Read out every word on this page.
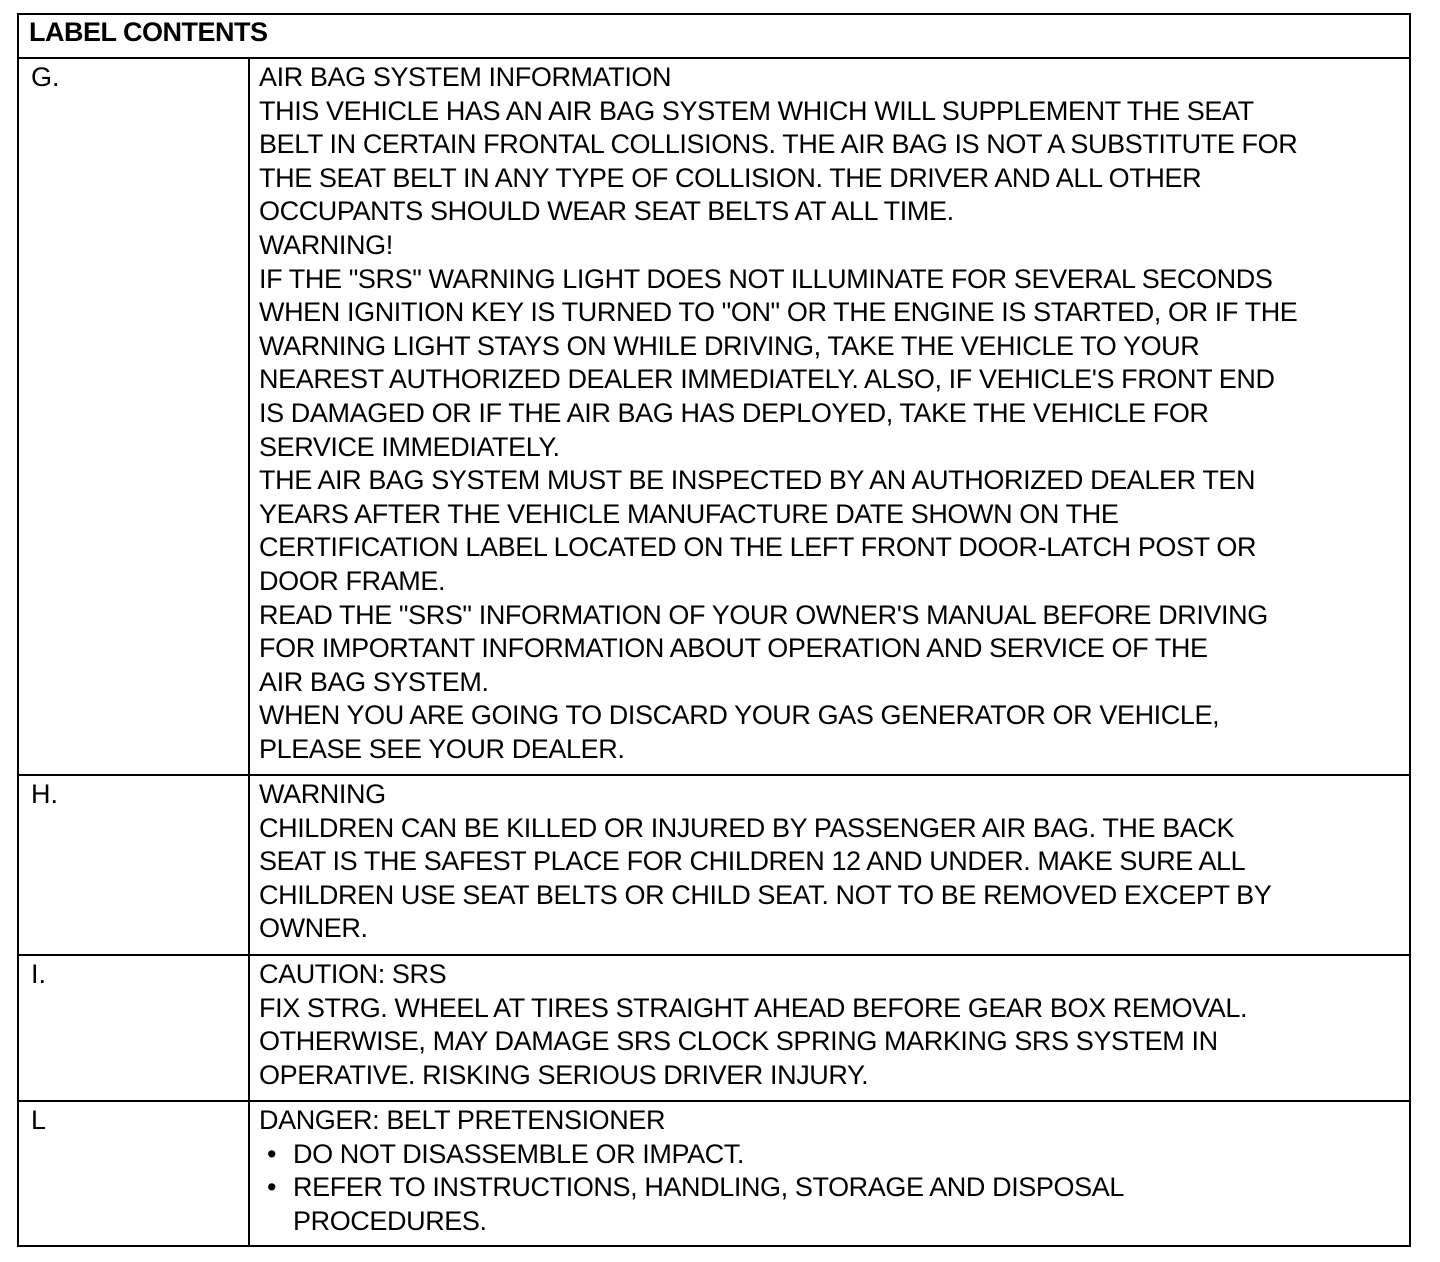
LABEL CONTENTS
G.	AIR BAG SYSTEM INFORMATION
THIS VEHICLE HAS AN AIR BAG SYSTEM WHICH WILL SUPPLEMENT THE SEAT
BELT IN CERTAIN FRONTAL COLLISIONS. THE AIR BAG IS NOT A SUBSTITUTE FOR
THE SEAT BELT IN ANY TYPE OF COLLISION. THE DRIVER AND ALL OTHER
OCCUPANTS SHOULD WEAR SEAT BELTS AT ALL TIME.
WARNING!
IF THE "SRS" WARNING LIGHT DOES NOT ILLUMINATE FOR SEVERAL SECONDS
WHEN IGNITION KEY IS TURNED TO "ON" OR THE ENGINE IS STARTED, OR IF THE
WARNING LIGHT STAYS ON WHILE DRIVING, TAKE THE VEHICLE TO YOUR
NEAREST AUTHORIZED DEALER IMMEDIATELY. ALSO, IF VEHICLE'S FRONT END
IS DAMAGED OR IF THE AIR BAG HAS DEPLOYED, TAKE THE VEHICLE FOR
SERVICE IMMEDIATELY.
THE AIR BAG SYSTEM MUST BE INSPECTED BY AN AUTHORIZED DEALER TEN
YEARS AFTER THE VEHICLE MANUFACTURE DATE SHOWN ON THE
CERTIFICATION LABEL LOCATED ON THE LEFT FRONT DOOR-LATCH POST OR
DOOR FRAME.
READ THE "SRS" INFORMATION OF YOUR OWNER'S MANUAL BEFORE DRIVING
FOR IMPORTANT INFORMATION ABOUT OPERATION AND SERVICE OF THE
AIR BAG SYSTEM.
WHEN YOU ARE GOING TO DISCARD YOUR GAS GENERATOR OR VEHICLE,
PLEASE SEE YOUR DEALER.
H.	WARNING
CHILDREN CAN BE KILLED OR INJURED BY PASSENGER AIR BAG. THE BACK
SEAT IS THE SAFEST PLACE FOR CHILDREN 12 AND UNDER. MAKE SURE ALL
CHILDREN USE SEAT BELTS OR CHILD SEAT. NOT TO BE REMOVED EXCEPT BY
OWNER.
I.	CAUTION: SRS
FIX STRG. WHEEL AT TIRES STRAIGHT AHEAD BEFORE GEAR BOX REMOVAL.
OTHERWISE, MAY DAMAGE SRS CLOCK SPRING MARKING SRS SYSTEM IN
OPERATIVE. RISKING SERIOUS DRIVER INJURY.
L	DANGER: BELT PRETENSIONER
• DO NOT DISASSEMBLE OR IMPACT.
• REFER TO INSTRUCTIONS, HANDLING, STORAGE AND DISPOSAL
PROCEDURES.
